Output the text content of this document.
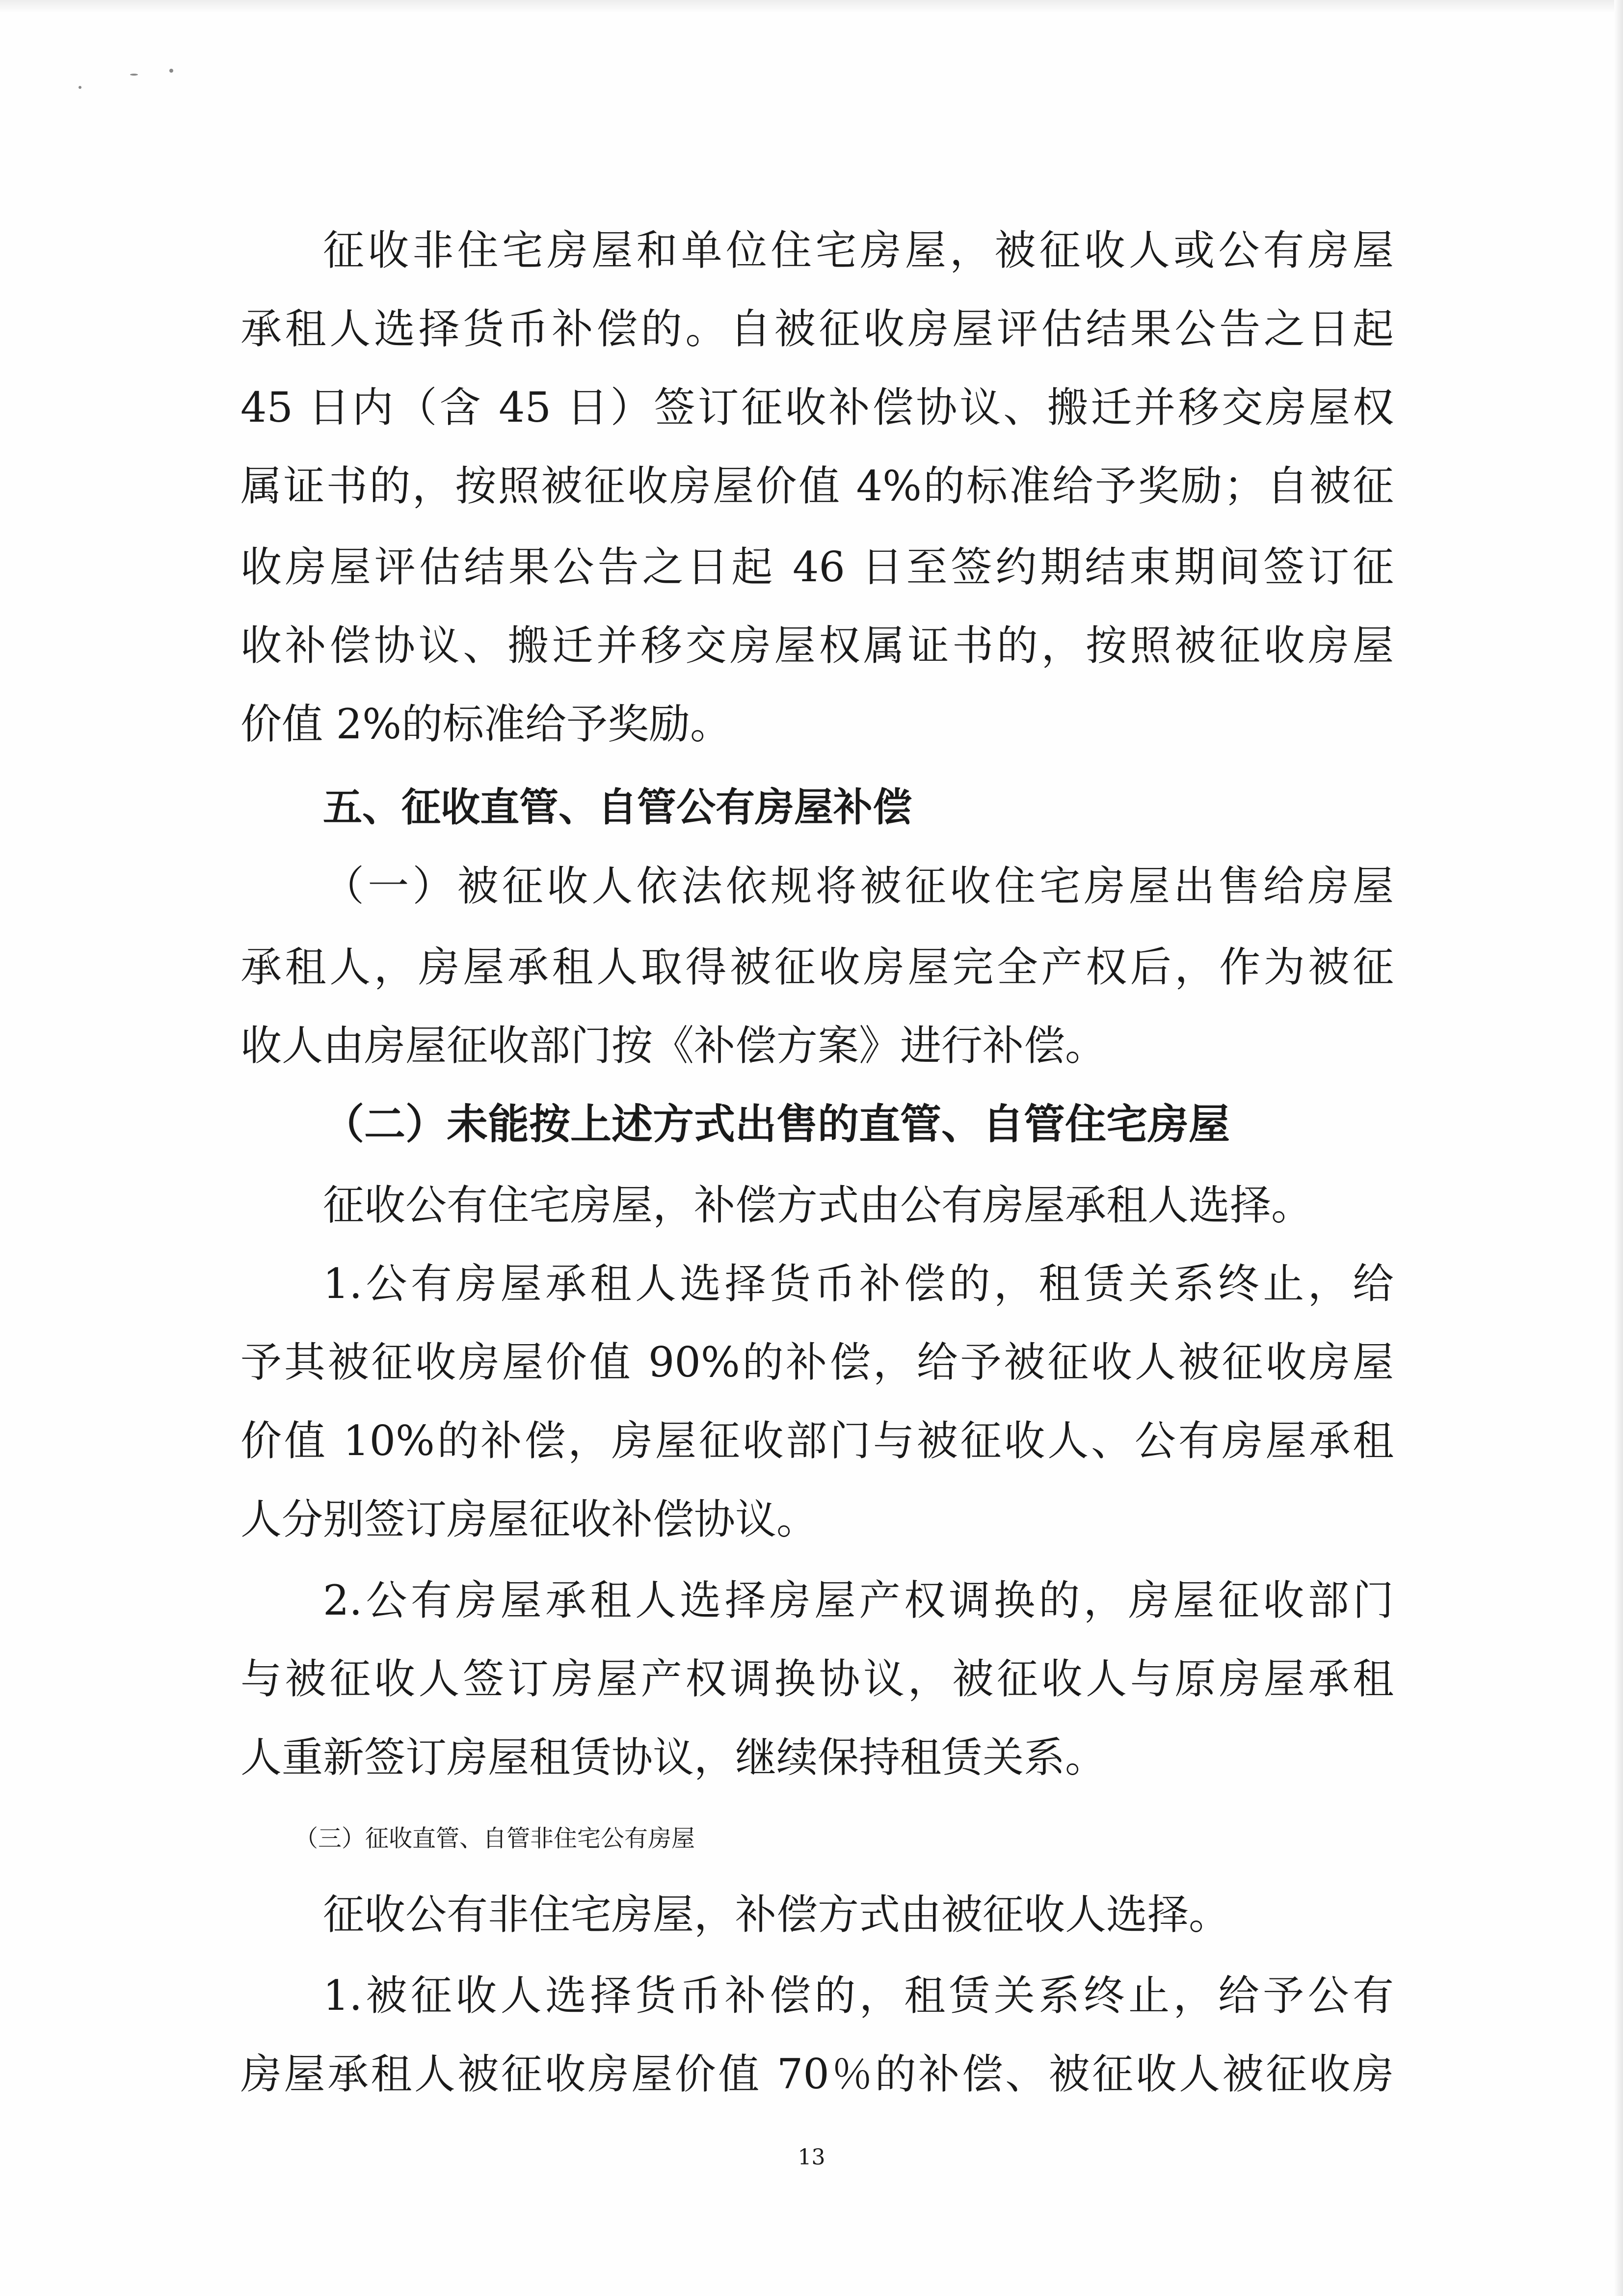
征收非住宅房屋和单位住宅房屋，被征收人或公有房屋
承租人选择货币补偿的。自被征收房屋评估结果公告之日起
45 日内（含 45 日）签订征收补偿协议、搬迁并移交房屋权
属证书的，按照被征收房屋价值 4%的标准给予奖励；自被征
收房屋评估结果公告之日起 46 日至签约期结束期间签订征
收补偿协议、搬迁并移交房屋权属证书的，按照被征收房屋
价值 2%的标准给予奖励。
五、征收直管、自管公有房屋补偿
（一）被征收人依法依规将被征收住宅房屋出售给房屋
承租人，房屋承租人取得被征收房屋完全产权后，作为被征
收人由房屋征收部门按《补偿方案》进行补偿。
（二）未能按上述方式出售的直管、自管住宅房屋
征收公有住宅房屋，补偿方式由公有房屋承租人选择。
1.公有房屋承租人选择货币补偿的，租赁关系终止，给
予其被征收房屋价值 90%的补偿，给予被征收人被征收房屋
价值 10%的补偿，房屋征收部门与被征收人、公有房屋承租
人分别签订房屋征收补偿协议。
2.公有房屋承租人选择房屋产权调换的，房屋征收部门
与被征收人签订房屋产权调换协议，被征收人与原房屋承租
人重新签订房屋租赁协议，继续保持租赁关系。
（三）征收直管、自管非住宅公有房屋
征收公有非住宅房屋，补偿方式由被征收人选择。
1.被征收人选择货币补偿的，租赁关系终止，给予公有
房屋承租人被征收房屋价值 70％的补偿、被征收人被征收房
13
